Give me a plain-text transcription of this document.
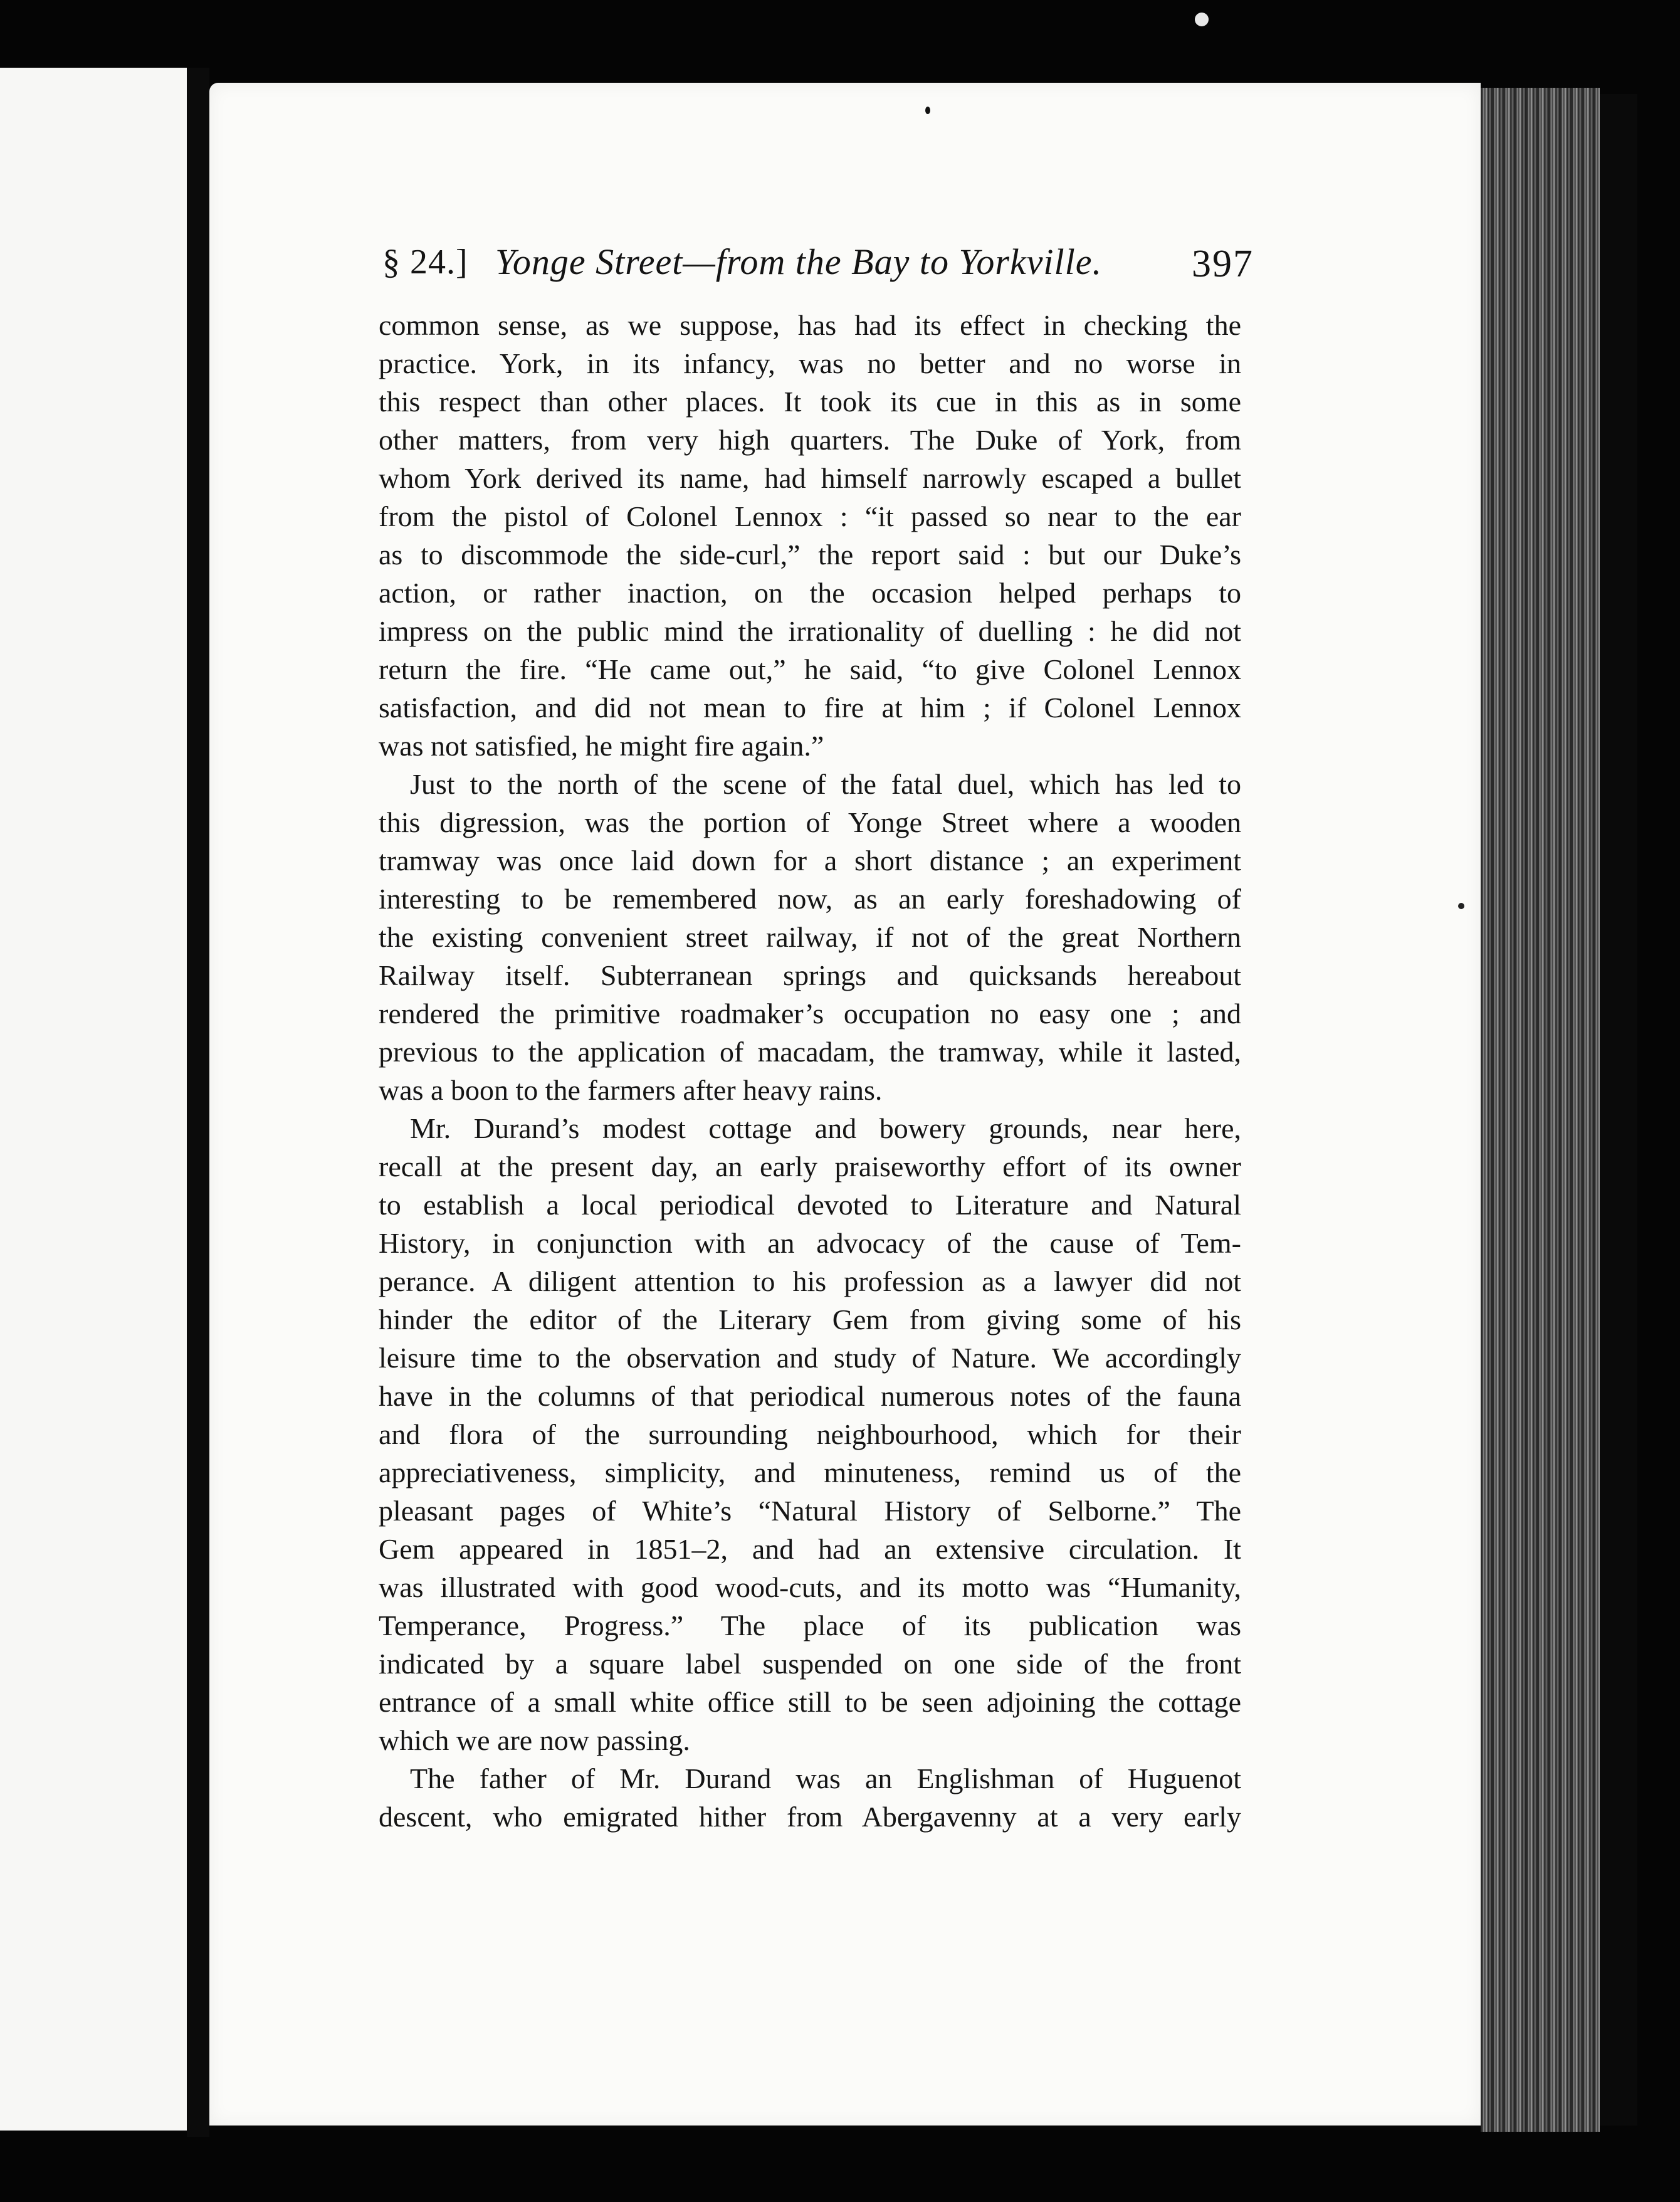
§ 24.] Yonge Street—from the Bay to Yorkville. 397
common sense, as we suppose, has had its effect in checking the
practice. York, in its infancy, was no better and no worse in
this respect than other places. It took its cue in this as in some
other matters, from very high quarters. The Duke of York, from
whom York derived its name, had himself narrowly escaped a bullet
from the pistol of Colonel Lennox : “it passed so near to the ear
as to discommode the side-curl,” the report said : but our Duke’s
action, or rather inaction, on the occasion helped perhaps to
impress on the public mind the irrationality of duelling : he did not
return the fire. “He came out,” he said, “to give Colonel Lennox
satisfaction, and did not mean to fire at him ; if Colonel Lennox
was not satisfied, he might fire again.”
Just to the north of the scene of the fatal duel, which has led to
this digression, was the portion of Yonge Street where a wooden
tramway was once laid down for a short distance ; an experiment
interesting to be remembered now, as an early foreshadowing of
the existing convenient street railway, if not of the great Northern
Railway itself. Subterranean springs and quicksands hereabout
rendered the primitive roadmaker’s occupation no easy one ; and
previous to the application of macadam, the tramway, while it lasted,
was a boon to the farmers after heavy rains.
Mr. Durand’s modest cottage and bowery grounds, near here,
recall at the present day, an early praiseworthy effort of its owner
to establish a local periodical devoted to Literature and Natural
History, in conjunction with an advocacy of the cause of Tem-
perance. A diligent attention to his profession as a lawyer did not
hinder the editor of the Literary Gem from giving some of his
leisure time to the observation and study of Nature. We accordingly
have in the columns of that periodical numerous notes of the fauna
and flora of the surrounding neighbourhood, which for their
appreciativeness, simplicity, and minuteness, remind us of the
pleasant pages of White’s “Natural History of Selborne.” The
Gem appeared in 1851–2, and had an extensive circulation. It
was illustrated with good wood-cuts, and its motto was “Humanity,
Temperance, Progress.” The place of its publication was
indicated by a square label suspended on one side of the front
entrance of a small white office still to be seen adjoining the cottage
which we are now passing.
The father of Mr. Durand was an Englishman of Huguenot
descent, who emigrated hither from Abergavenny at a very early
